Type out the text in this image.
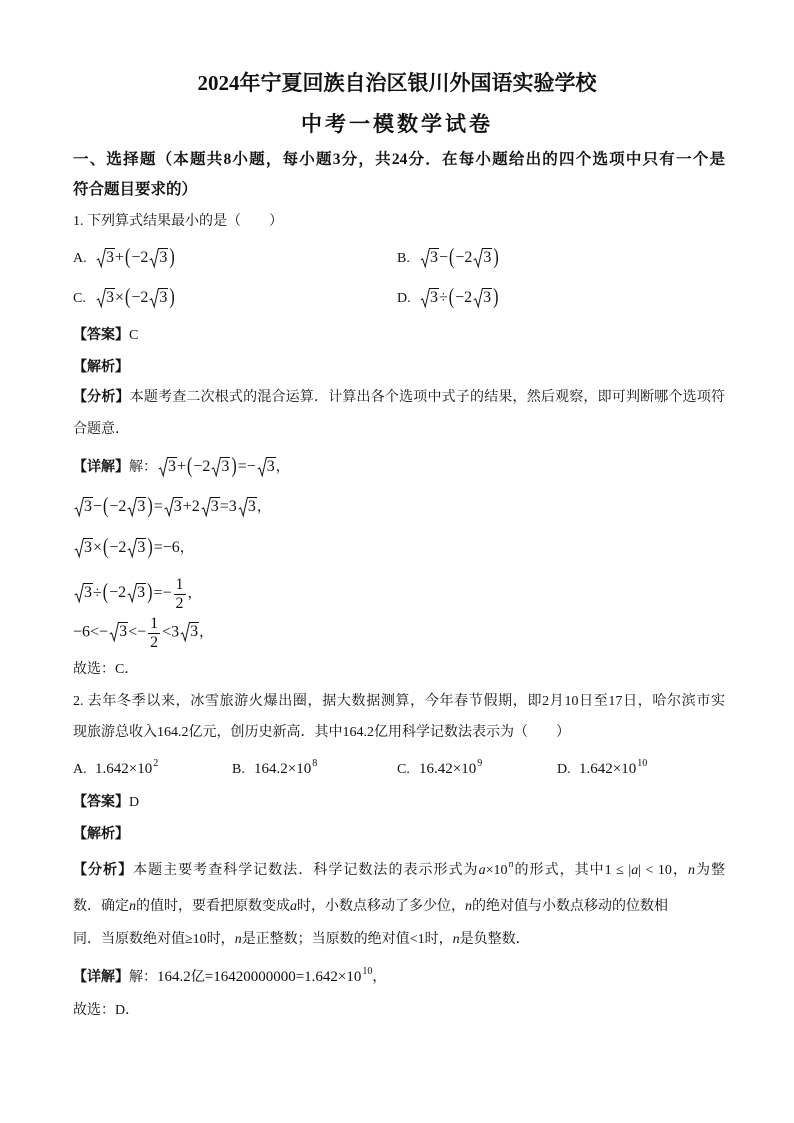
2024年宁夏回族自治区银川外国语实验学校
中考一模数学试卷
一、选择题（本题共8小题，每小题3分，共24分．在每小题给出的四个选项中只有一个是
符合题目要求的）
1. 下列算式结果最小的是（　　）
A. 3+(−2 3 )	B. 3−(−2 3 )
C. 3×(−2 3 )	D. 3÷(−2 3 )
【答案】C
【解析】
【分析】本题考查二次根式的混合运算．计算出各个选项中式子的结果，然后观察，即可判断哪个选项符
合题意．
【详解】解： 3+(−2 3 )=− 3，
3−(−2 3 )= 3+2 3=3 3，
3×(−2 3 )=−6，
3÷(−2 3 )=− $\frac{1}{2}$ ，
$-6<- 3<- \frac{1}{2} <3$ 3，
故选：C．
2. 去年冬季以来，冰雪旅游火爆出圈，据大数据测算，今年春节假期，即2月10日至17日，哈尔滨市实
现旅游总收入164.2亿元，创历史新高．其中164.2亿用科学记数法表示为（　　）
A. $1.642\times 10^2$	B. $164.2\times 10^8$	C. $16.42\times 10^9$	D. $1.642\times 10^{10}$
【答案】D
【解析】
【分析】本题主要考查科学记数法．科学记数法的表示形式为$a\times 10^n$的形式，其中1 ≤ |a| < 10，n为整
数．确定n的值时，要看把原数变成a时，小数点移动了多少位，n的绝对值与小数点移动的位数相
同．当原数绝对值≥10时，n是正整数；当原数的绝对值<1时，n是负整数．
【详解】解：164.2亿$=16420000000=1.642\times 10^{10}$，
故选：D．
